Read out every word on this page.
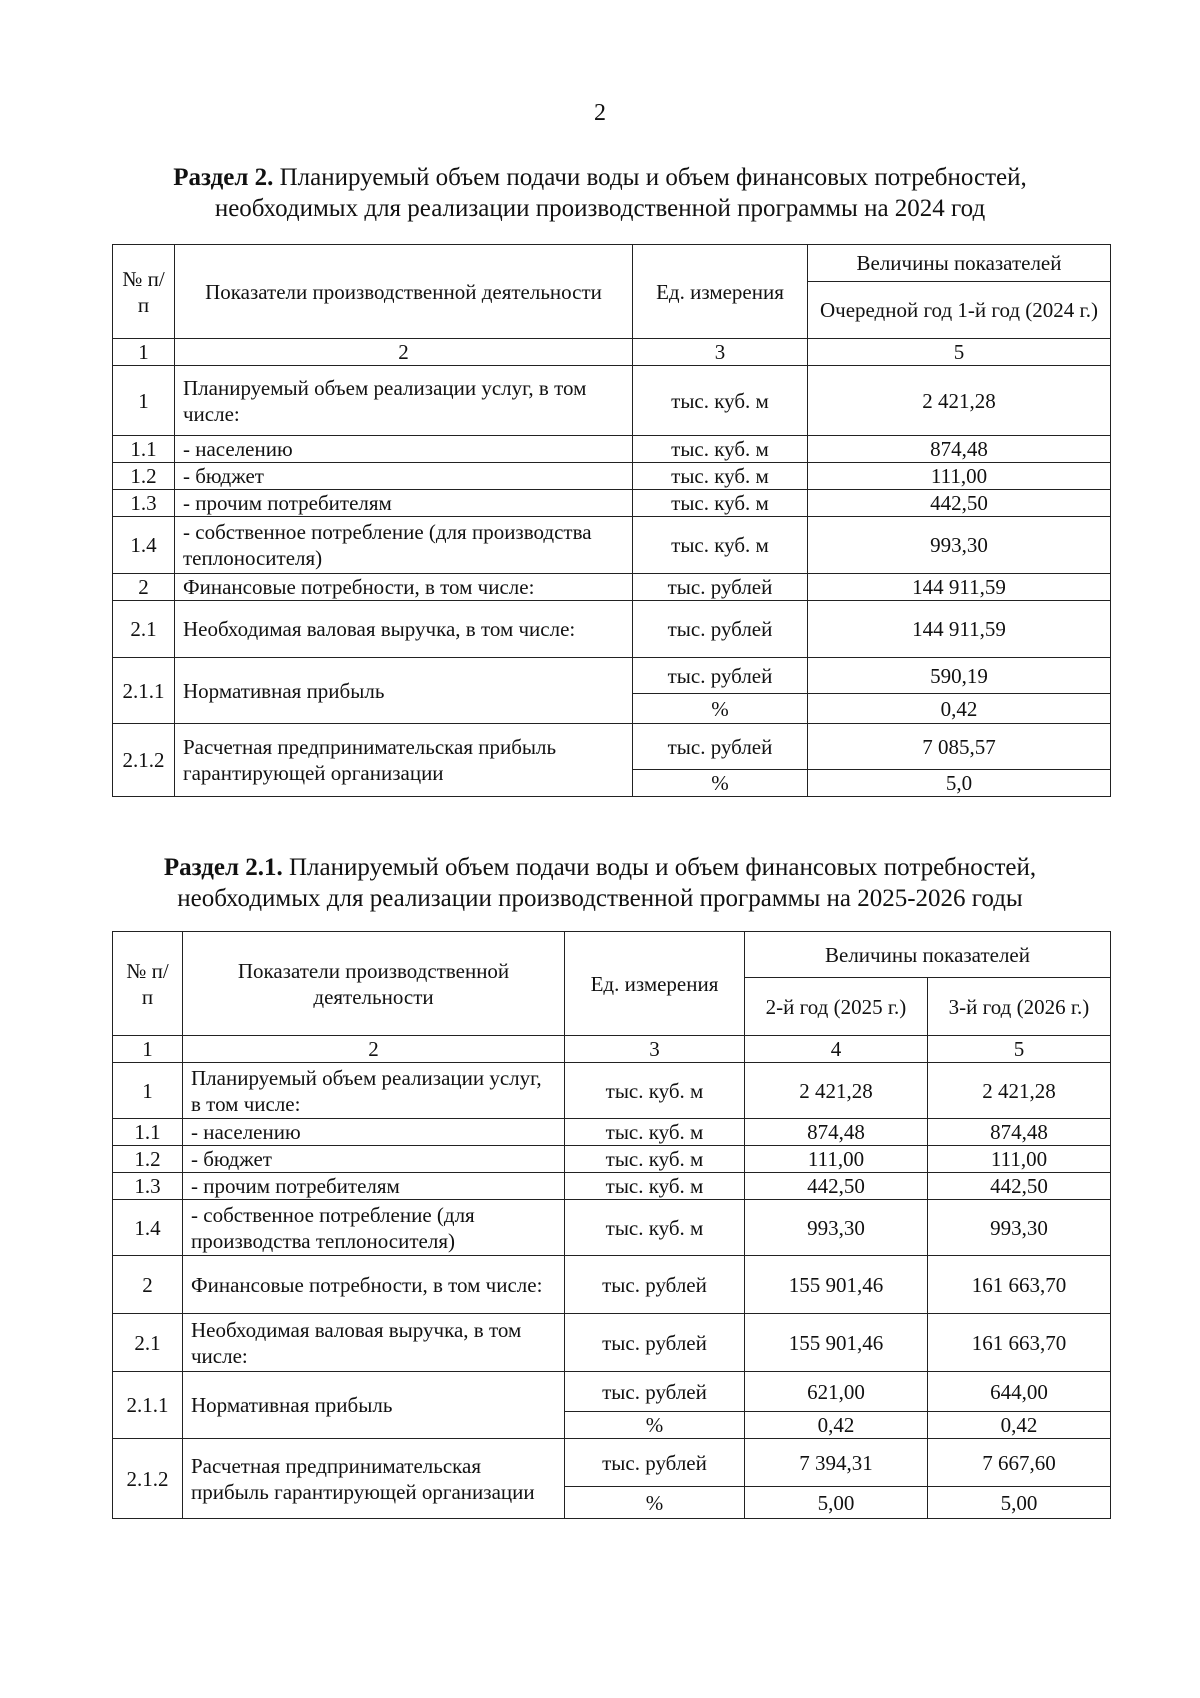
2
Раздел 2. Планируемый объем подачи воды и объем финансовых потребностей, необходимых для реализации производственной программы на 2024 год
№ п/п	Показатели производственной деятельности	Ед. измерения	Величины показателей
			Очередной год 1-й год (2024 г.)
1	2	3	5
1	Планируемый объем реализации услуг, в том числе:	тыс. куб. м	2 421,28
1.1	- населению	тыс. куб. м	874,48
1.2	- бюджет	тыс. куб. м	111,00
1.3	- прочим потребителям	тыс. куб. м	442,50
1.4	- собственное потребление (для производства теплоносителя)	тыс. куб. м	993,30
2	Финансовые потребности, в том числе:	тыс. рублей	144 911,59
2.1	Необходимая валовая выручка, в том числе:	тыс. рублей	144 911,59
2.1.1	Нормативная прибыль	тыс. рублей	590,19
		%	0,42
2.1.2	Расчетная предпринимательская прибыль гарантирующей организации	тыс. рублей	7 085,57
		%	5,0
Раздел 2.1. Планируемый объем подачи воды и объем финансовых потребностей, необходимых для реализации производственной программы на 2025-2026 годы
№ п/п	Показатели производственной деятельности	Ед. измерения	Величины показателей	
			2-й год (2025 г.)	3-й год (2026 г.)
1	2	3	4	5
1	Планируемый объем реализации услуг, в том числе:	тыс. куб. м	2 421,28	2 421,28
1.1	- населению	тыс. куб. м	874,48	874,48
1.2	- бюджет	тыс. куб. м	111,00	111,00
1.3	- прочим потребителям	тыс. куб. м	442,50	442,50
1.4	- собственное потребление (для производства теплоносителя)	тыс. куб. м	993,30	993,30
2	Финансовые потребности, в том числе:	тыс. рублей	155 901,46	161 663,70
2.1	Необходимая валовая выручка, в том числе:	тыс. рублей	155 901,46	161 663,70
2.1.1	Нормативная прибыль	тыс. рублей	621,00	644,00
		%	0,42	0,42
2.1.2	Расчетная предпринимательская прибыль гарантирующей организации	тыс. рублей	7 394,31	7 667,60
		%	5,00	5,00
